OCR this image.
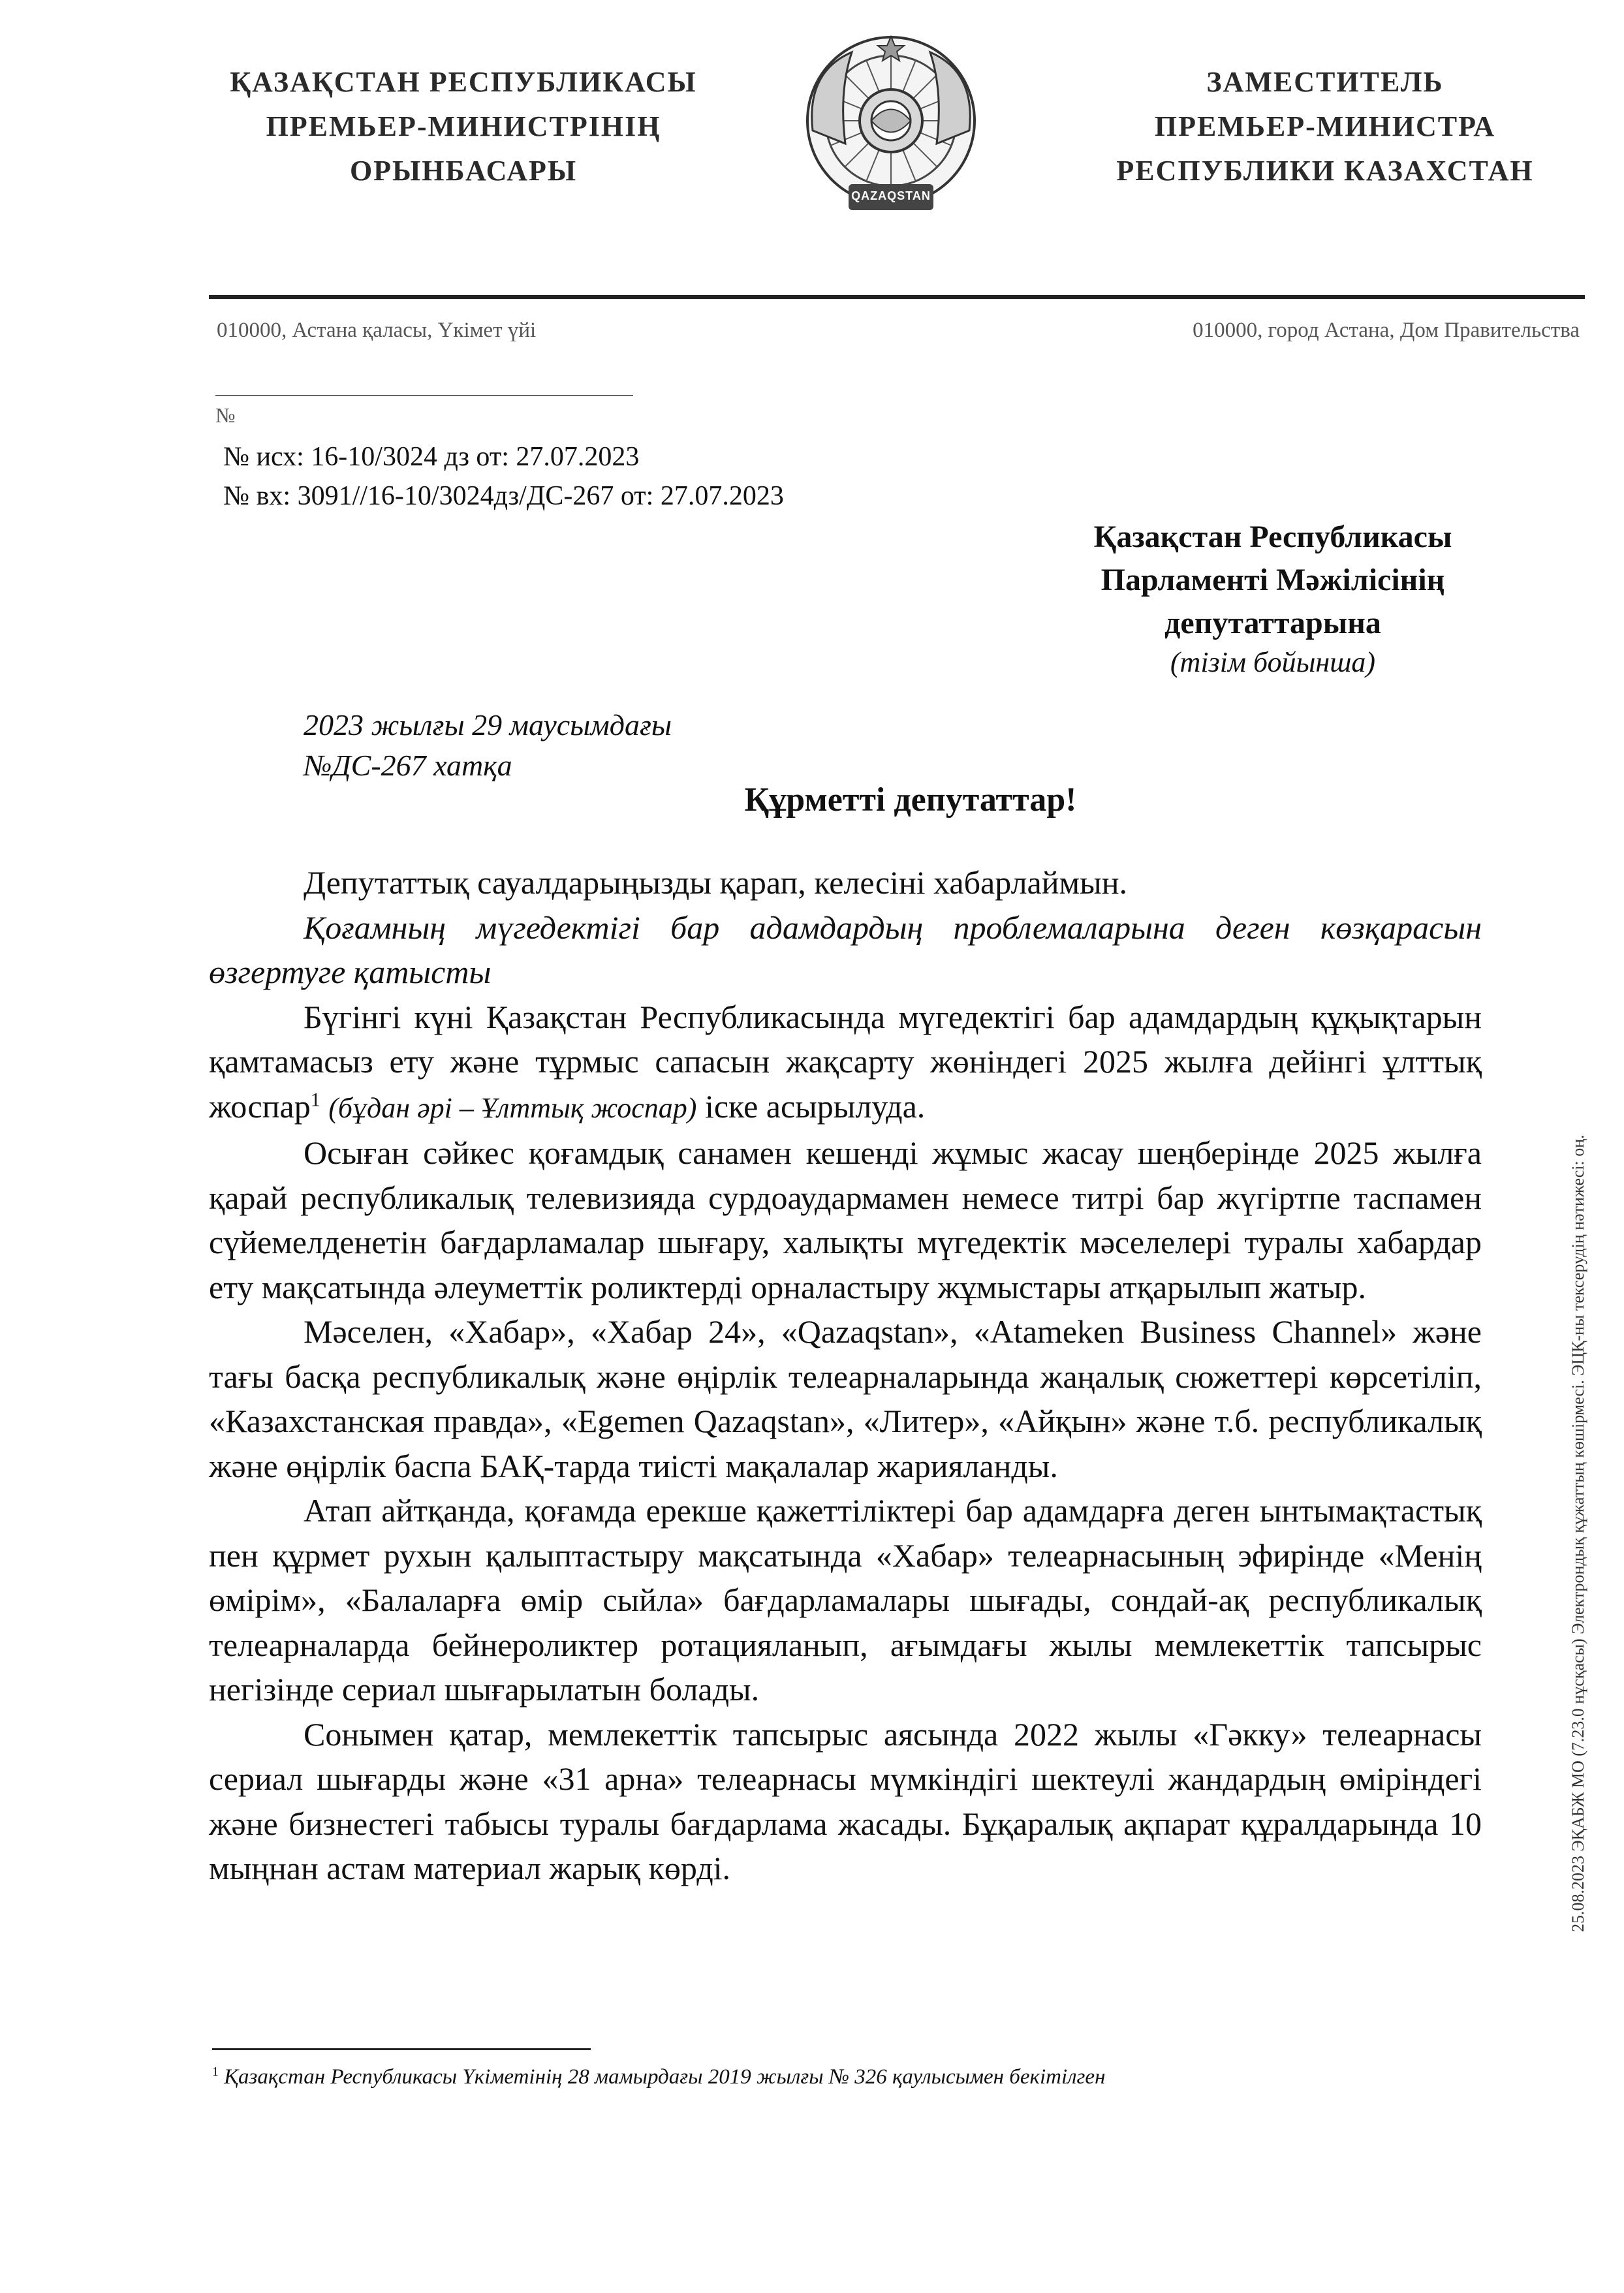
ҚАЗАҚСТАН РЕСПУБЛИКАСЫ
ПРЕМЬЕР-МИНИСТРІНІҢ
ОРЫНБАСАРЫ
QAZAQSTAN
ЗАМЕСТИТЕЛЬ
ПРЕМЬЕР-МИНИСТРА
РЕСПУБЛИКИ КАЗАХСТАН
010000, Астана қаласы, Үкімет үйі	010000, город Астана, Дом Правительства
№
№ исх: 16-10/3024 дз от: 27.07.2023
№ вх: 3091//16-10/3024дз/ДС-267 от: 27.07.2023
Қазақстан Республикасы
Парламенті Мәжілісінің
депутаттарына
(тізім бойынша)
2023 жылғы 29 маусымдағы
№ДС-267 хатқа
Құрметті депутаттар!

Депутаттық сауалдарыңызды қарап, келесіні хабарлаймын.

Қоғамның мүгедектігі бар адамдардың проблемаларына деген көзқарасын өзгертуге қатысты

Бүгінгі күні Қазақстан Республикасында мүгедектігі бар адамдардың құқықтарын қамтамасыз ету және тұрмыс сапасын жақсарту жөніндегі 2025 жылға дейінгі ұлттық жоспар$^1$ (бұдан әрі – Ұлттық жоспар) іске асырылуда.

Осыған сәйкес қоғамдық санамен кешенді жұмыс жасау шеңберінде 2025 жылға қарай республикалық телевизияда сурдоаудармамен немесе титрі бар жүгіртпе таспамен сүйемелденетін бағдарламалар шығару, халықты мүгедектік мәселелері туралы хабардар ету мақсатында әлеуметтік роликтерді орналастыру жұмыстары атқарылып жатыр.

Мәселен, «Хабар», «Хабар 24», «Qazaqstan», «Atameken Business Channel» және тағы басқа республикалық және өңірлік телеарналарында жаңалық сюжеттері көрсетіліп, «Казахстанская правда», «Egemen Qazaqstan», «Литер», «Айқын» және т.б. республикалық және өңірлік баспа БАҚ-тарда тиісті мақалалар жарияланды.

Атап айтқанда, қоғамда ерекше қажеттіліктері бар адамдарға деген ынтымақтастық пен құрмет рухын қалыптастыру мақсатында «Хабар» телеарнасының эфирінде «Менің өмірім», «Балаларға өмір сыйла» бағдарламалары шығады, сондай-ақ республикалық телеарналарда бейнероликтер ротацияланып, ағымдағы жылы мемлекеттік тапсырыс негізінде сериал шығарылатын болады.

Сонымен қатар, мемлекеттік тапсырыс аясында 2022 жылы «Гәкку» телеарнасы сериал шығарды және «31 арна» телеарнасы мүмкіндігі шектеулі жандардың өміріндегі және бизнестегі табысы туралы бағдарлама жасады. Бұқаралық ақпарат құралдарында 10 мыңнан астам материал жарық көрді.

$^1$ Қазақстан Республикасы Үкіметінің 28 мамырдағы 2019 жылғы № 326 қаулысымен бекітілген
25.08.2023 ЭҚАБЖ МО (7.23.0 нұсқасы) Электрондық құжаттың көшірмесі. ЭЦҚ-ны тексерудің нәтижесі: оң.
